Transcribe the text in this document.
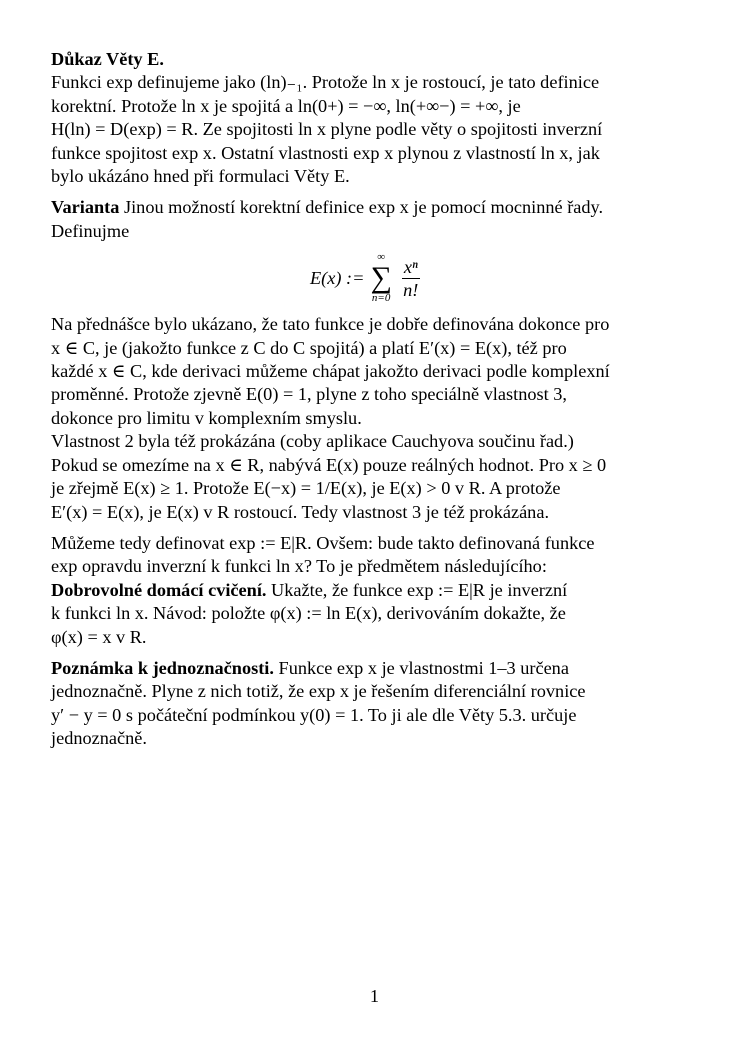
Důkaz Věty E.
Funkci exp definujeme jako (ln)₋₁. Protože ln x je rostoucí, je tato definice
korektní. Protože ln x je spojitá a ln(0+) = −∞, ln(+∞−) = +∞, je
H(ln) = D(exp) = R. Ze spojitosti ln x plyne podle věty o spojitosti inverzní
funkce spojitost exp x. Ostatní vlastnosti exp x plynou z vlastností ln x, jak
bylo ukázáno hned při formulaci Věty E.
Varianta Jinou možností korektní definice exp x je pomocí mocninné řady.
Definujme
E(x) :=
∞
∑
$n=0 \frac{\text{xⁿ}}{n!}$
Na přednášce bylo ukázano, že tato funkce je dobře definována dokonce pro
x ∈ C, je (jakožto funkce z C do C spojitá) a platí E′(x) = E(x), též pro
každé x ∈ C, kde derivaci můžeme chápat jakožto derivaci podle komplexní
proměnné. Protože zjevně E(0) = 1, plyne z toho speciálně vlastnost 3,
dokonce pro limitu v komplexním smyslu.
Vlastnost 2 byla též prokázána (coby aplikace Cauchyova součinu řad.)
Pokud se omezíme na x ∈ R, nabývá E(x) pouze reálných hodnot. Pro x ≥ 0
je zřejmě E(x) ≥ 1. Protože E(−x) = 1/E(x), je E(x) > 0 v R. A protože
E′(x) = E(x), je E(x) v R rostoucí. Tedy vlastnost 3 je též prokázána.
Můžeme tedy definovat exp := E|R. Ovšem: bude takto definovaná funkce
exp opravdu inverzní k funkci ln x? To je předmětem následujícího:
Dobrovolné domácí cvičení. Ukažte, že funkce exp := E|R je inverzní
k funkci ln x. Návod: položte φ(x) := ln E(x), derivováním dokažte, že
φ(x) = x v R.
Poznámka k jednoznačnosti. Funkce exp x je vlastnostmi 1–3 určena
jednoznačně. Plyne z nich totiž, že exp x je řešením diferenciální rovnice
y′ − y = 0 s počáteční podmínkou y(0) = 1. To ji ale dle Věty 5.3. určuje
jednoznačně.
1
